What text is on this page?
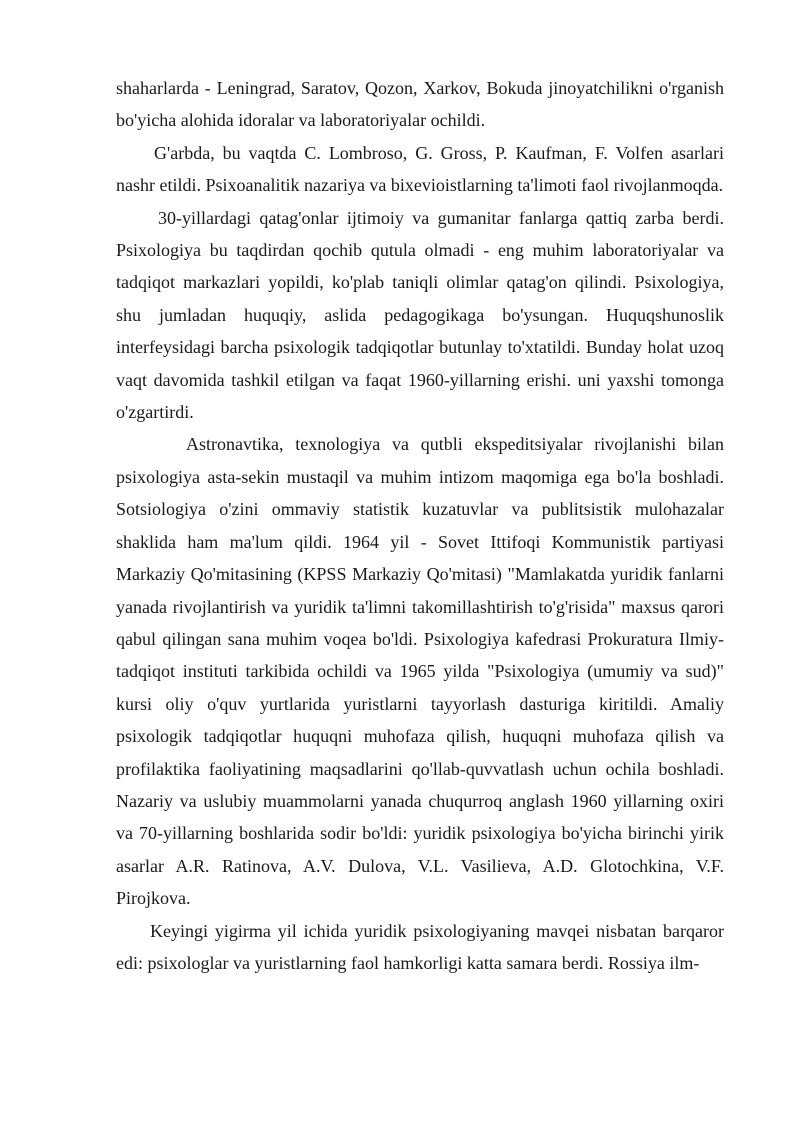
shaharlarda - Leningrad, Saratov, Qozon, Xarkov, Bokuda jinoyatchilikni o'rganish bo'yicha alohida idoralar va laboratoriyalar ochildi.

G'arbda, bu vaqtda C. Lombroso, G. Gross, P. Kaufman, F. Volfen asarlari nashr etildi. Psixoanalitik nazariya va bixevioistlarning ta'limoti faol rivojlanmoqda.

30-yillardagi qatag'onlar ijtimoiy va gumanitar fanlarga qattiq zarba berdi. Psixologiya bu taqdirdan qochib qutula olmadi - eng muhim laboratoriyalar va tadqiqot markazlari yopildi, ko'plab taniqli olimlar qatag'on qilindi. Psixologiya, shu jumladan huquqiy, aslida pedagogikaga bo'ysungan. Huquqshunoslik interfeysidagi barcha psixologik tadqiqotlar butunlay to'xtatildi. Bunday holat uzoq vaqt davomida tashkil etilgan va faqat 1960-yillarning erishi. uni yaxshi tomonga o'zgartirdi.

Astronavtika, texnologiya va qutbli ekspeditsiyalar rivojlanishi bilan psixologiya asta-sekin mustaqil va muhim intizom maqomiga ega bo'la boshladi. Sotsiologiya o'zini ommaviy statistik kuzatuvlar va publitsistik mulohazalar shaklida ham ma'lum qildi. 1964 yil - Sovet Ittifoqi Kommunistik partiyasi Markaziy Qo'mitasining (KPSS Markaziy Qo'mitasi) "Mamlakatda yuridik fanlarni yanada rivojlantirish va yuridik ta'limni takomillashtirish to'g'risida" maxsus qarori qabul qilingan sana muhim voqea bo'ldi. Psixologiya kafedrasi Prokuratura Ilmiy-tadqiqot instituti tarkibida ochildi va 1965 yilda "Psixologiya (umumiy va sud)" kursi oliy o'quv yurtlarida yuristlarni tayyorlash dasturiga kiritildi. Amaliy psixologik tadqiqotlar huquqni muhofaza qilish, huquqni muhofaza qilish va profilaktika faoliyatining maqsadlarini qo'llab-quvvatlash uchun ochila boshladi. Nazariy va uslubiy muammolarni yanada chuqurroq anglash 1960 yillarning oxiri va 70-yillarning boshlarida sodir bo'ldi: yuridik psixologiya bo'yicha birinchi yirik asarlar A.R. Ratinova, A.V. Dulova, V.L. Vasilieva, A.D. Glotochkina, V.F. Pirojkova.

Keyingi yigirma yil ichida yuridik psixologiyaning mavqei nisbatan barqaror edi: psixologlar va yuristlarning faol hamkorligi katta samara berdi. Rossiya ilm-
